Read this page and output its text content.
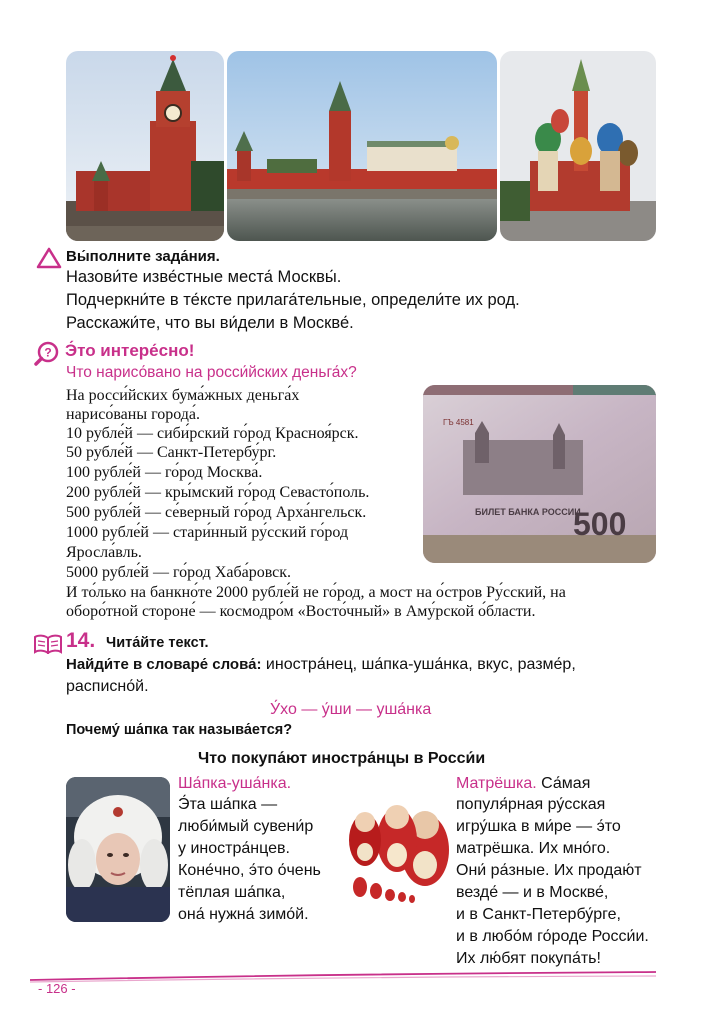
Вы́полните зада́ния.
Назови́те изве́стные места́ Москвы́.
Подчеркни́те в те́ксте прилага́тельные, определи́те их род.
Расскажи́те, что вы ви́дели в Москве́.
? Э́то интере́сно!
Что нарисо́вано на росси́йских деньга́х?
На росси́йских бума́жных деньга́х
нарисо́ваны города́.
10 рубле́й — сиби́рский го́род Красноя́рск.
50 рубле́й — Санкт-Петербу́рг.
100 рубле́й — го́род Москва́.
200 рубле́й — кры́мский го́род Севасто́поль.
500 рубле́й — се́верный го́род Арха́нгельск.
1000 рубле́й — стари́нный ру́сский го́род
Яросла́вль.
5000 рубле́й — го́род Хаба́ровск.
И то́лько на банкно́те 2000 рубле́й не го́род, а мост на о́стров Ру́сский, на
оборо́тной стороне́ — космодро́м «Восто́чный» в Аму́рской о́бласти.
БИЛЕТ БАНКА РОССИИ
ГЪ 4581
500
14. Чита́йте текст.
Найди́те в словаре́ слова́: иностра́нец, ша́пка-уша́нка, вкус, разме́р,
расписно́й.
У́хо — у́ши — уша́нка
Почему́ ша́пка так называ́ется?
Что покупа́ют иностра́нцы в Росси́и
Ша́пка-уша́нка.
Э́та ша́пка —
люби́мый сувени́р
у иностра́нцев.
Коне́чно, э́то о́чень
тёплая ша́пка,
она́ нужна́ зимо́й.
Матрёшка. Са́мая
популя́рная ру́сская
игру́шка в ми́ре — э́то
матрёшка. Их мно́го.
Они́ ра́зные. Их продаю́т
везде́ — и в Москве́,
и в Санкт-Петербу́рге,
и в любо́м го́роде Росси́и.
Их лю́бят покупа́ть!
- 126 -
